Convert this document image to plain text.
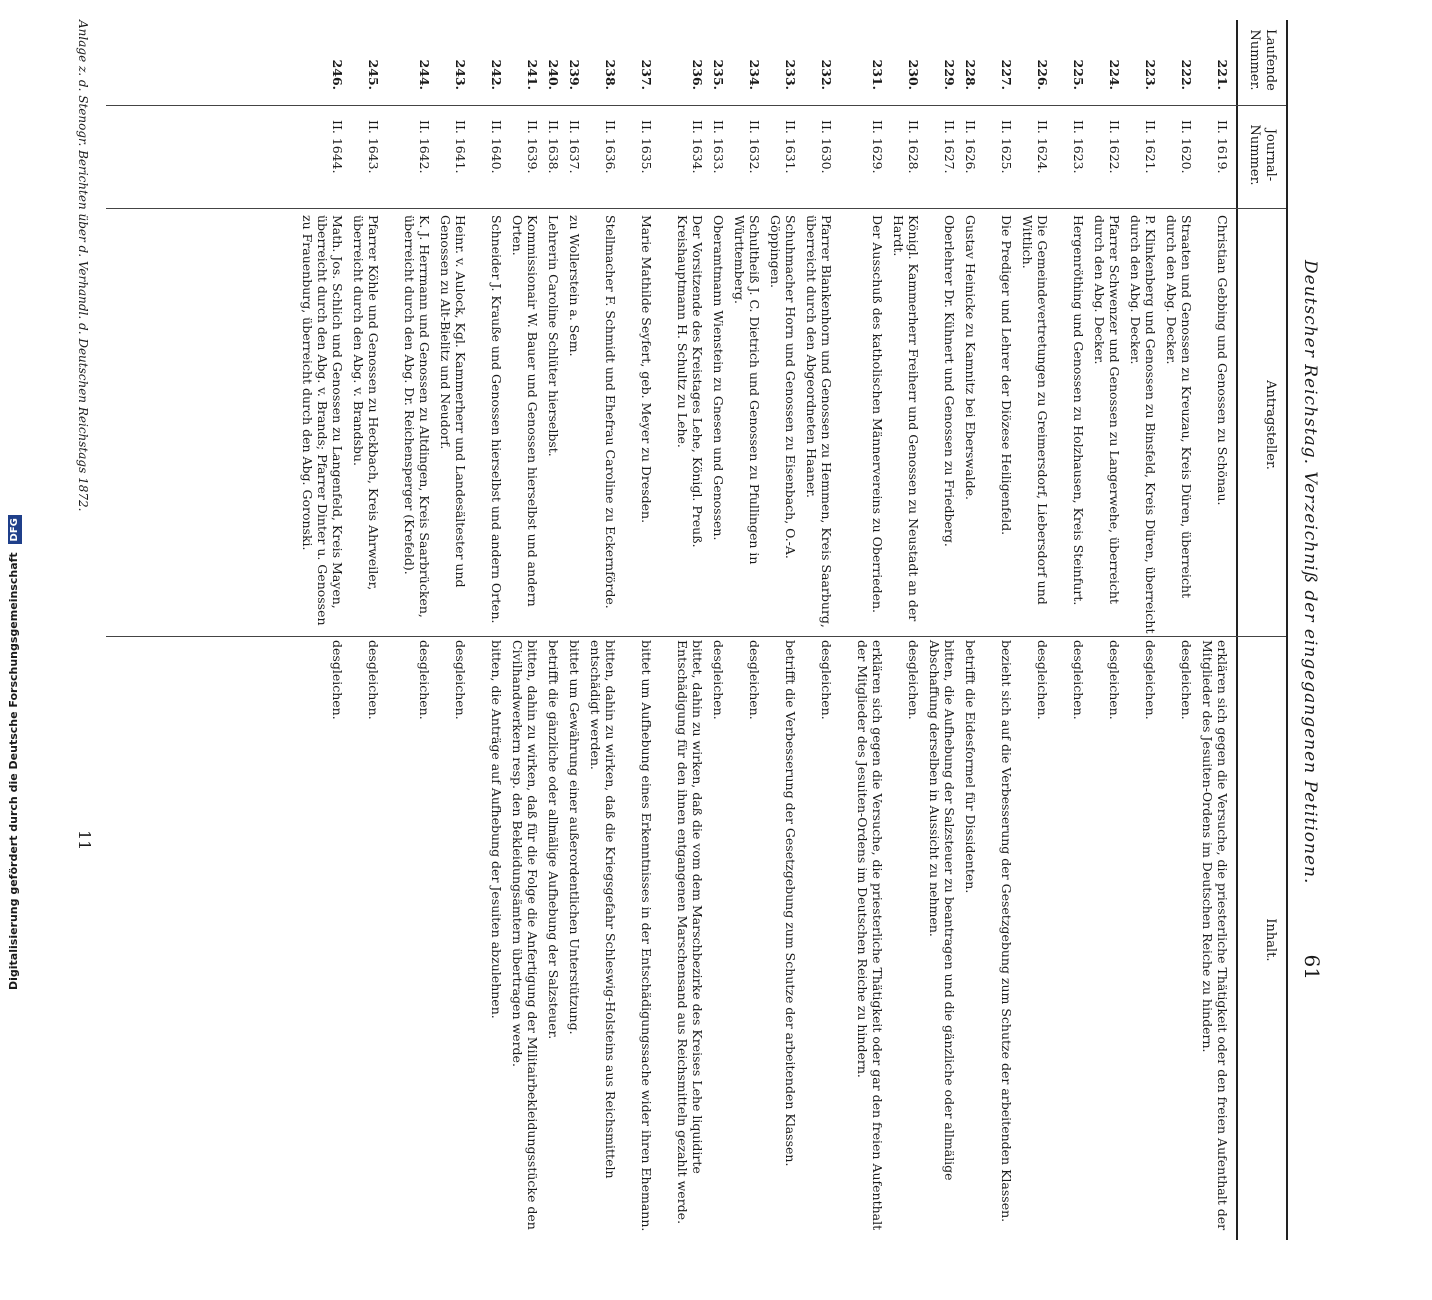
Deutscher Reichstag. Verzeichniß der eingegangenen Petitionen.
61
Laufende Nummer.
Journal-Nummer.
Antragsteller.
Inhalt.
221.
II. 1619.
Christian Gebbing und Genossen zu Schönau.
erklären sich gegen die Versuche, die priesterliche Thätigkeit oder den freien Aufenthalt der Mitglieder des Jesuiten-Ordens im Deutschen Reiche zu hindern.
222.
II. 1620.
Straaten und Genossen zu Kreuzau, Kreis Düren, überreicht durch den Abg. Decker.
desgleichen.
223.
II. 1621.
P. Klinkenberg und Genossen zu Binsfeld, Kreis Düren, überreicht durch den Abg. Decker.
desgleichen.
224.
II. 1622.
Pfarrer Schwenzer und Genossen zu Langerwehe, überreicht durch den Abg. Decker.
desgleichen.
225.
II. 1623.
Hergenröthing und Genossen zu Holzhausen, Kreis Steinfurt.
desgleichen.
226.
II. 1624.
Die Gemeindevertretungen zu Greimersdorf, Liebersdorf und Wittlich.
desgleichen.
227.
II. 1625.
Die Prediger und Lehrer der Diözese Heiligenfeld.
bezieht sich auf die Verbesserung der Gesetzgebung zum Schutze der arbeitenden Klassen.
228.
II. 1626.
Gustav Heinicke zu Kamnitz bei Eberswalde.
betrifft die Eidesformel für Dissidenten.
229.
II. 1627.
Oberlehrer Dr. Kühnert und Genossen zu Friedberg.
bitten, die Aufhebung der Salzsteuer zu beantragen und die gänzliche oder allmälige Abschaffung derselben in Aussicht zu nehmen.
230.
II. 1628.
Königl. Kammerherr Freiherr und Genossen zu Neustadt an der Hardt.
desgleichen.
231.
II. 1629.
Der Ausschuß des katholischen Männervereins zu Oberrieden.
erklären sich gegen die Versuche, die priesterliche Thätigkeit oder gar den freien Aufenthalt der Mitglieder des Jesuiten-Ordens im Deutschen Reiche zu hindern.
232.
II. 1630.
Pfarrer Blankenhorn und Genossen zu Hemmen, Kreis Saarburg, überreicht durch den Abgeordneten Haaner.
desgleichen.
233.
II. 1631.
Schuhmacher Horn und Genossen zu Eisenbach, O.-A. Göppingen.
betrifft die Verbesserung der Gesetzgebung zum Schutze der arbeitenden Klassen.
234.
II. 1632.
Schultheiß J. C. Dietrich und Genossen zu Pfullingen in Württemberg.
desgleichen.
235.
II. 1633.
Oberamtmann Wienstein zu Gnesen und Genossen.
desgleichen.
236.
II. 1634.
Der Vorsitzende des Kreistages Lehe, Königl. Preuß. Kreishauptmann H. Schultz zu Lehe.
bittet, dahin zu wirken, daß die vom dem Marschbezirke des Kreises Lehe liquidirte Entschädigung für den ihnen entgangenen Marschensand aus Reichsmitteln gezahlt werde.
237.
II. 1635.
Marie Mathilde Seyfert, geb. Meyer zu Dresden.
bittet um Aufhebung eines Erkenntnisses in der Entschädigungssache wider ihren Ehemann.
238.
II. 1636.
Stellmacher F. Schmidt und Ehefrau Caroline zu Eckernförde.
bitten, dahin zu wirken, daß die Kriegsgefahr Schleswig-Holsteins aus Reichsmitteln entschädigt werden.
239.
II. 1637.
zu Wollerstein a. Sem.
bittet um Gewährung einer außerordentlichen Unterstützung.
240.
II. 1638.
Lehrerin Caroline Schlüter hierselbst.
betrifft die gänzliche oder allmälige Aufhebung der Salzsteuer.
241.
II. 1639.
Kommissionair W. Bauer und Genossen hierselbst und andern Orten.
bitten, dahin zu wirken, daß für die Folge die Anfertigung der Militairbekleidungsstücke den Civilhandwerkern resp. den Bekleidungsämtern übertragen werde.
242.
II. 1640.
Schneider J. Krauße und Genossen hierselbst und andern Orten.
bitten, die Anträge auf Aufhebung der Jesuiten abzulehnen.
243.
II. 1641.
Heinr. v. Aulock, Kgl. Kammerherr und Landesältester und Genossen zu Alt-Bielitz und Neudorf.
desgleichen.
244.
II. 1642.
K. J. Herrmann und Genossen zu Altdingen, Kreis Saarbrücken, überreicht durch den Abg. Dr. Reichensperger (Krefeld).
desgleichen.
245.
II. 1643.
Pfarrer Köhle und Genossen zu Heckbach, Kreis Ahrweiler, überreicht durch den Abg. v. Brandsbu.
desgleichen.
246.
II. 1644.
Math. Jos. Schlich und Genossen zu Langenfeld, Kreis Mayen, überreicht durch den Abg. v. Brands; Pfarrer Dinter u. Genossen zu Frauenburg, überreicht durch den Abg. Goronski.
desgleichen.
Anlage z. d. Stenogr. Berichten über d. Verhandl. d. Deutschen Reichstags 1872.
11
Digitalisierung gefördert durch die Deutsche Forschungsgemeinschaft DFG
